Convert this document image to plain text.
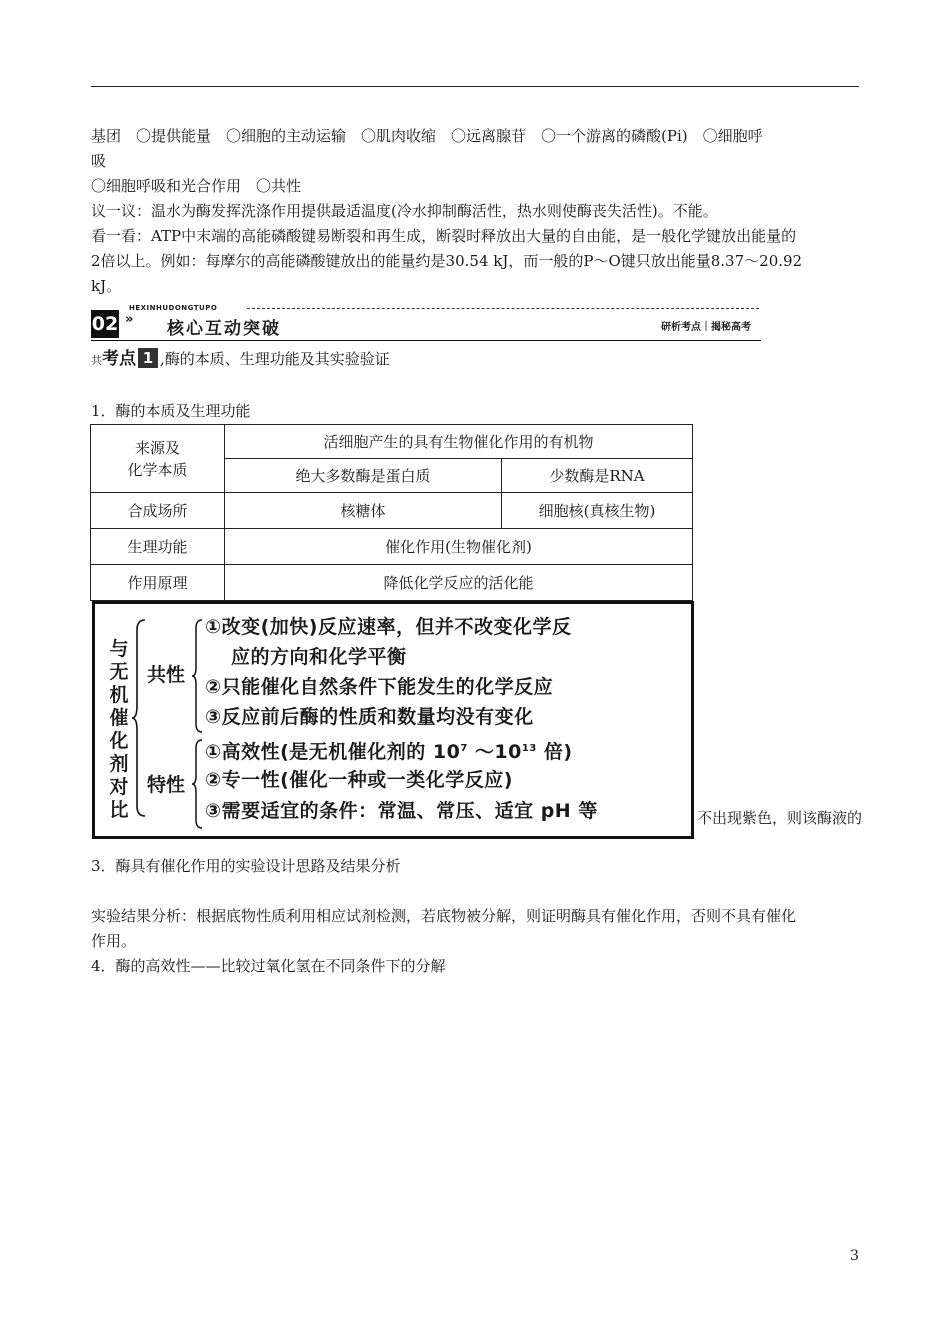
基团　〇提供能量　〇细胞的主动运输　〇肌肉收缩　〇远离腺苷　〇一个游离的磷酸(Pi)　〇细胞呼
吸
〇细胞呼吸和光合作用　〇共性
议一议：温水为酶发挥洗涤作用提供最适温度(冷水抑制酶活性，热水则使酶丧失活性)。不能。
看一看：ATP中末端的高能磷酸键易断裂和再生成，断裂时释放出大量的自由能，是一般化学键放出能量的
2倍以上。例如：每摩尔的高能磷酸键放出的能量约是30.54 kJ，而一般的P～O键只放出能量8.37～20.92
kJ。
HEXINHUDONGTUPO
02 » 核心互动突破	研析考点｜揭秘高考
共考点 1 ,酶的本质、生理功能及其实验验证
1．酶的本质及生理功能
来源及
化学本质	活细胞产生的具有生物催化作用的有机物	
	绝大多数酶是蛋白质	少数酶是RNA
合成场所	核糖体	细胞核(真核生物)
生理功能	催化作用(生物催化剂)	
作用原理	降低化学反应的活化能	
不出现紫色，则该酶液的
与
无
机
催
化
剂
对
比
共性
特性
①改变(加快)反应速率，但并不改变化学反
应的方向和化学平衡
②只能催化自然条件下能发生的化学反应
③反应前后酶的性质和数量均没有变化
①高效性(是无机催化剂的 $10^7$ $\sim 10^{13}$ 倍)
②专一性(催化一种或一类化学反应)
③需要适宜的条件：常温、常压、适宜 pH 等
3．酶具有催化作用的实验设计思路及结果分析
实验结果分析：根据底物性质利用相应试剂检测，若底物被分解，则证明酶具有催化作用，否则不具有催化
作用。
4．酶的高效性——比较过氧化氢在不同条件下的分解
3
